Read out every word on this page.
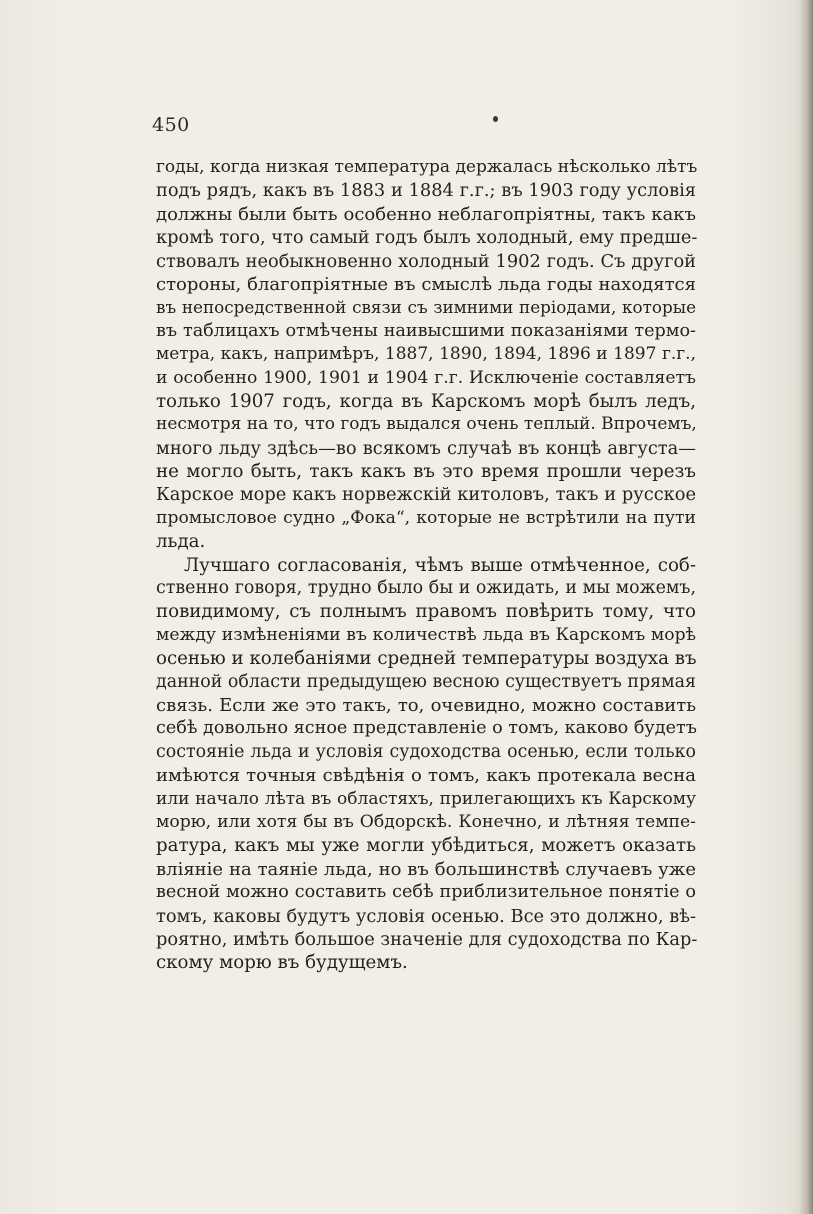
450
годы, когда низкая температура держалась нѣсколько лѣтъ
подъ рядъ, какъ въ 1883 и 1884 г.г.; въ 1903 году условія
должны были быть особенно неблагопріятны, такъ какъ
кромѣ того, что самый годъ былъ холодный, ему предше-
ствовалъ необыкновенно холодный 1902 годъ. Съ другой
стороны, благопріятные въ смыслѣ льда годы находятся
въ непосредственной связи съ зимними періодами, которые
въ таблицахъ отмѣчены наивысшими показаніями термо-
метра, какъ, напримѣръ, 1887, 1890, 1894, 1896 и 1897 г.г.,
и особенно 1900, 1901 и 1904 г.г. Исключеніе составляетъ
только 1907 годъ, когда въ Карскомъ морѣ былъ ледъ,
несмотря на то, что годъ выдался очень теплый. Впрочемъ,
много льду здѣсь—во всякомъ случаѣ въ концѣ августа—
не могло быть, такъ какъ въ это время прошли черезъ
Карское море какъ норвежскій китоловъ, такъ и русское
промысловое судно „Фока“, которые не встрѣтили на пути
льда.
Лучшаго согласованія, чѣмъ выше отмѣченное, соб-
ственно говоря, трудно было бы и ожидать, и мы можемъ,
повидимому, съ полнымъ правомъ повѣрить тому, что
между измѣненіями въ количествѣ льда въ Карскомъ морѣ
осенью и колебаніями средней температуры воздуха въ
данной области предыдущею весною существуетъ прямая
связь. Если же это такъ, то, очевидно, можно составить
себѣ довольно ясное представленіе о томъ, каково будетъ
состояніе льда и условія судоходства осенью, если только
имѣются точныя свѣдѣнія о томъ, какъ протекала весна
или начало лѣта въ областяхъ, прилегающихъ къ Карскому
морю, или хотя бы въ Обдорскѣ. Конечно, и лѣтняя темпе-
ратура, какъ мы уже могли убѣдиться, можетъ оказать
вліяніе на таяніе льда, но въ большинствѣ случаевъ уже
весной можно составить себѣ приблизительное понятіе о
томъ, каковы будутъ условія осенью. Все это должно, вѣ-
роятно, имѣть большое значеніе для судоходства по Кар-
скому морю въ будущемъ.
